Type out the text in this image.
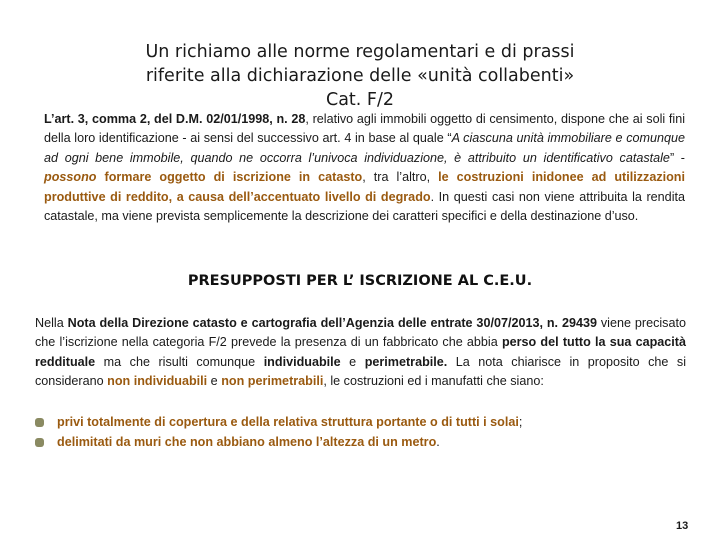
Un richiamo alle norme regolamentari e di prassi
riferite alla dichiarazione delle «unità collabenti»
Cat. F/2
L’art. 3, comma 2, del D.M. 02/01/1998, n. 28, relativo agli immobili oggetto di censimento, dispone che ai soli fini della loro identificazione - ai sensi del successivo art. 4 in base al quale “A ciascuna unità immobiliare e comunque ad ogni bene immobile, quando ne occorra l’univoca individuazione, è attribuito un identificativo catastale” - possono formare oggetto di iscrizione in catasto, tra l’altro, le costruzioni inidonee ad utilizzazioni produttive di reddito, a causa dell’accentuato livello di degrado. In questi casi non viene attribuita la rendita catastale, ma viene prevista semplicemente la descrizione dei caratteri specifici e della destinazione d’uso.
PRESUPPOSTI PER L’ ISCRIZIONE AL C.E.U.
Nella Nota della Direzione catasto e cartografia dell’Agenzia delle entrate 30/07/2013, n. 29439 viene precisato che l’iscrizione nella categoria F/2 prevede la presenza di un fabbricato che abbia perso del tutto la sua capacità reddituale ma che risulti comunque individuabile e perimetrabile. La nota chiarisce in proposito che si considerano non individuabili e non perimetrabili, le costruzioni ed i manufatti che siano:
privi totalmente di copertura e della relativa struttura portante o di tutti i solai;
delimitati da muri che non abbiano almeno l’altezza di un metro.
13
